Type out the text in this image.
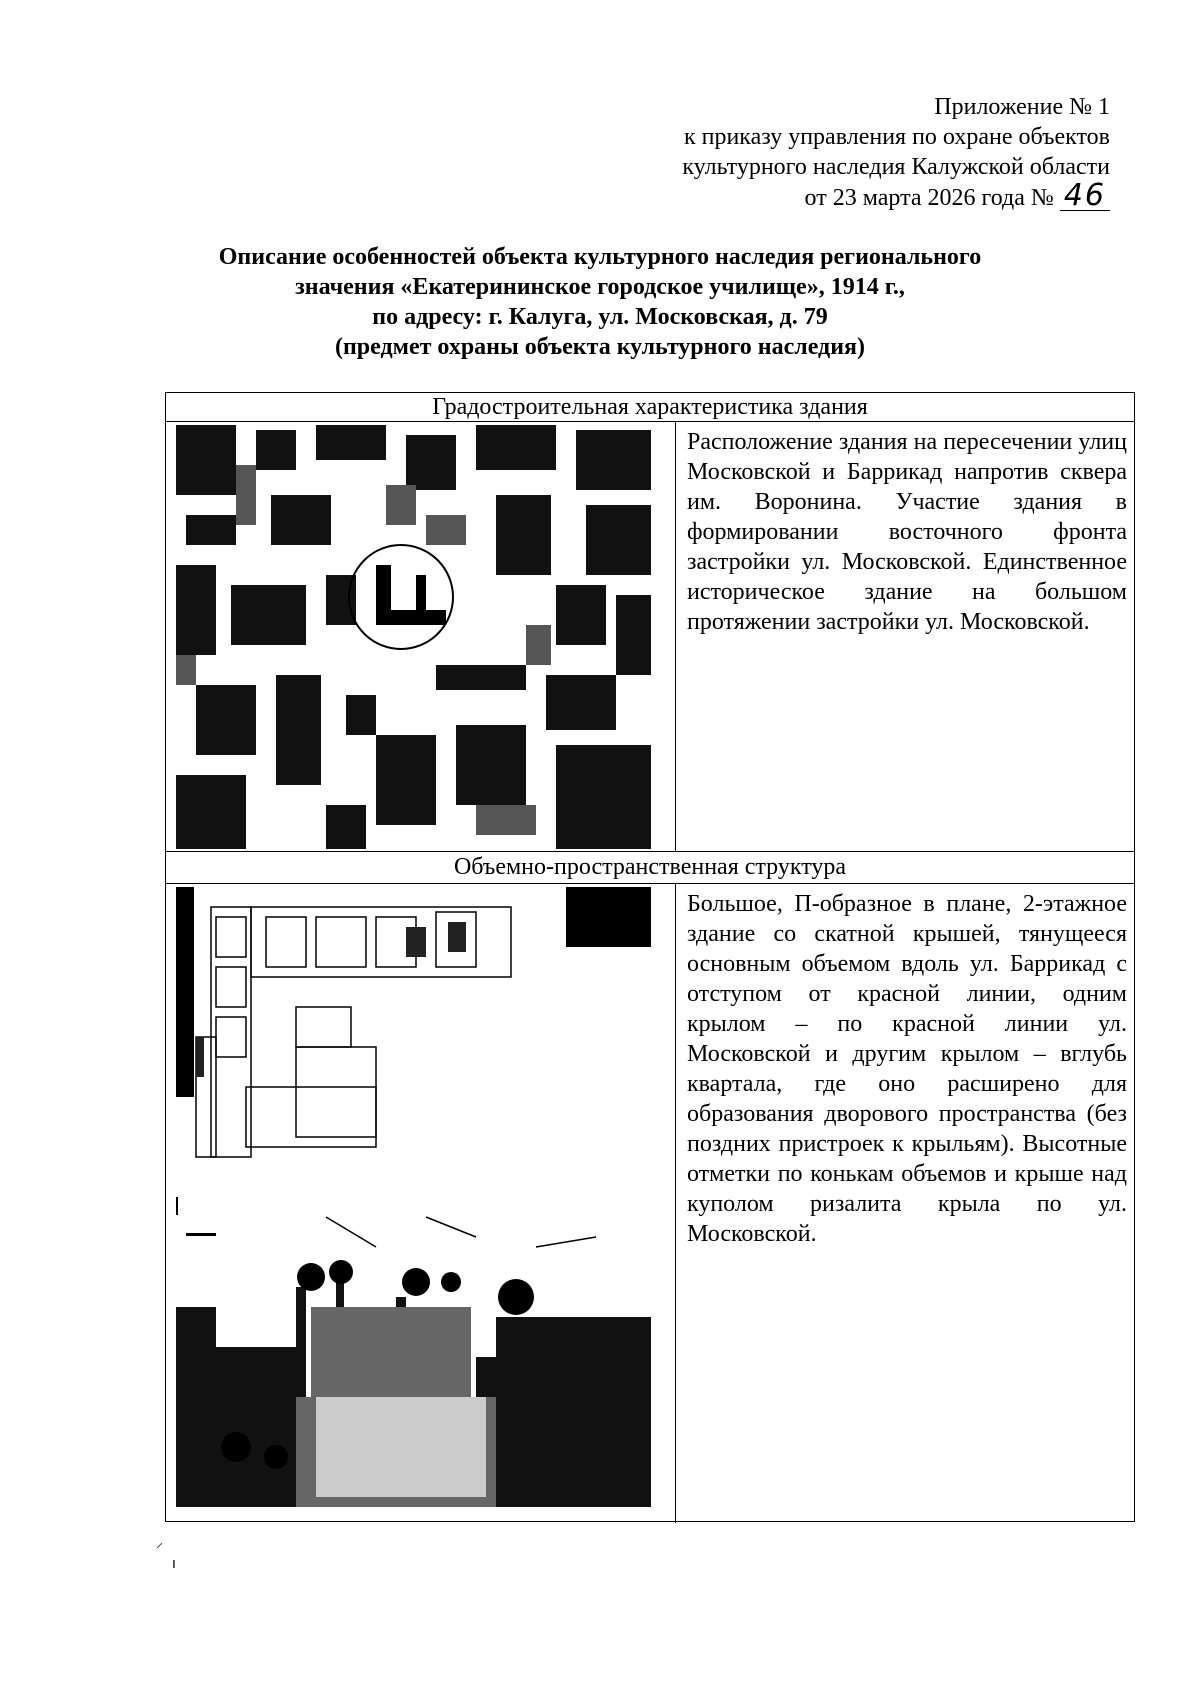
Приложение № 1
к приказу управления по охране объектов
культурного наследия Калужской области
от 23 марта 2026 года № 46
Описание особенностей объекта культурного наследия регионального
значения «Екатерининское городское училище», 1914 г.,
по адресу: г. Калуга, ул. Московская, д. 79
(предмет охраны объекта культурного наследия)
Градостроительная характеристика здания
Расположение здания на пересечении улиц Московской и Баррикад напротив сквера им. Воронина. Участие здания в формировании восточного фронта застройки ул. Московской. Единственное историческое здание на большом протяжении застройки ул. Московской.
Объемно-пространственная структура
Большое, П-образное в плане, 2-этажное здание со скатной крышей, тянущееся основным объемом вдоль ул. Баррикад с отступом от красной линии, одним крылом – по красной линии ул. Московской и другим крылом – вглубь квартала, где оно расширено для образования дворового пространства (без поздних пристроек к крыльям). Высотные отметки по конькам объемов и крыше над куполом ризалита крыла по ул. Московской.
⸝
ı
